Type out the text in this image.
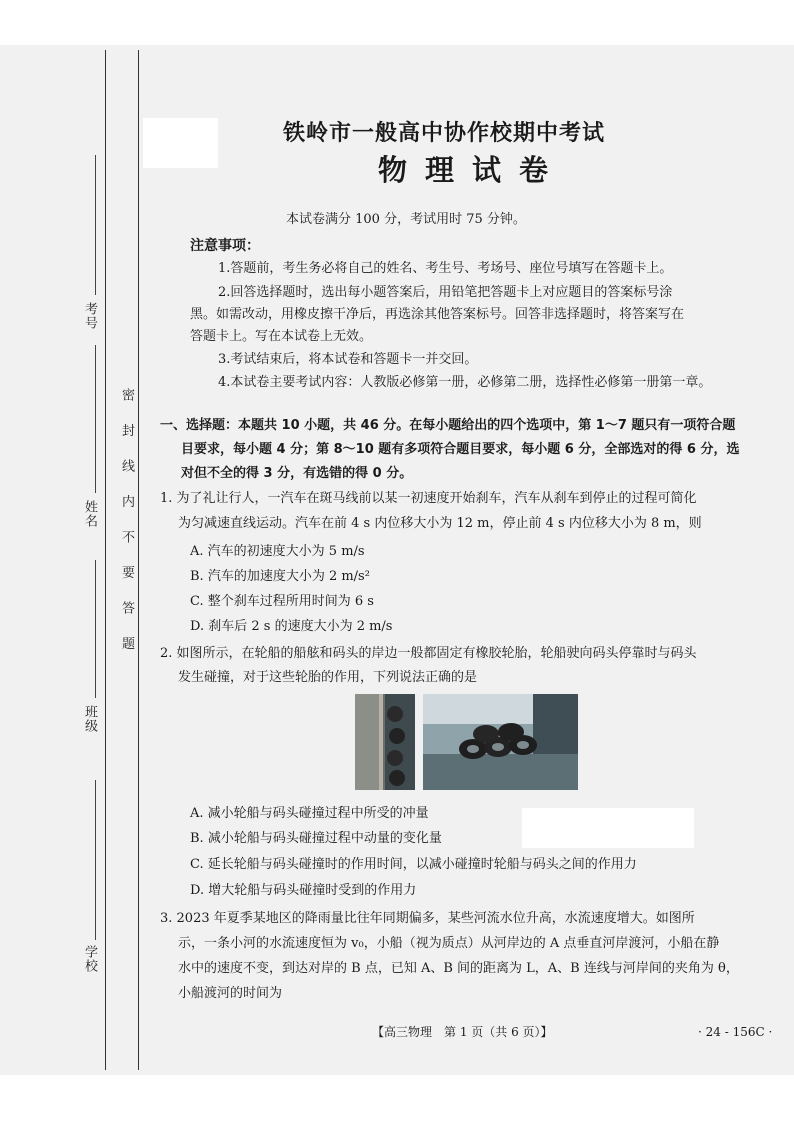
考号
姓名
班级
学校
密封线内不要答题
铁岭市一般高中协作校期中考试
物理试卷
本试卷满分 100 分，考试用时 75 分钟。
注意事项：
1.答题前，考生务必将自己的姓名、考生号、考场号、座位号填写在答题卡上。
2.回答选择题时，选出每小题答案后，用铅笔把答题卡上对应题目的答案标号涂
黑。如需改动，用橡皮擦干净后，再选涂其他答案标号。回答非选择题时，将答案写在
答题卡上。写在本试卷上无效。
3.考试结束后，将本试卷和答题卡一并交回。
4.本试卷主要考试内容：人教版必修第一册，必修第二册，选择性必修第一册第一章。
一、选择题：本题共 10 小题，共 46 分。在每小题给出的四个选项中，第 1～7 题只有一项符合题
目要求，每小题 4 分；第 8～10 题有多项符合题目要求，每小题 6 分，全部选对的得 6 分，选
对但不全的得 3 分，有选错的得 0 分。
1. 为了礼让行人，一汽车在斑马线前以某一初速度开始刹车，汽车从刹车到停止的过程可简化
为匀减速直线运动。汽车在前 4 s 内位移大小为 12 m，停止前 4 s 内位移大小为 8 m，则
A. 汽车的初速度大小为 5 m/s
B. 汽车的加速度大小为 2 m/s²
C. 整个刹车过程所用时间为 6 s
D. 刹车后 2 s 的速度大小为 2 m/s
2. 如图所示，在轮船的船舷和码头的岸边一般都固定有橡胶轮胎，轮船驶向码头停靠时与码头
发生碰撞，对于这些轮胎的作用，下列说法正确的是
A. 减小轮船与码头碰撞过程中所受的冲量
B. 减小轮船与码头碰撞过程中动量的变化量
C. 延长轮船与码头碰撞时的作用时间，以减小碰撞时轮船与码头之间的作用力
D. 增大轮船与码头碰撞时受到的作用力
3. 2023 年夏季某地区的降雨量比往年同期偏多，某些河流水位升高，水流速度增大。如图所
示，一条小河的水流速度恒为 v₀，小船（视为质点）从河岸边的 A 点垂直河岸渡河，小船在静
水中的速度不变，到达对岸的 B 点，已知 A、B 间的距离为 L，A、B 连线与河岸间的夹角为 θ，
小船渡河的时间为
【高三物理　第 1 页（共 6 页）】	· 24 - 156C ·
